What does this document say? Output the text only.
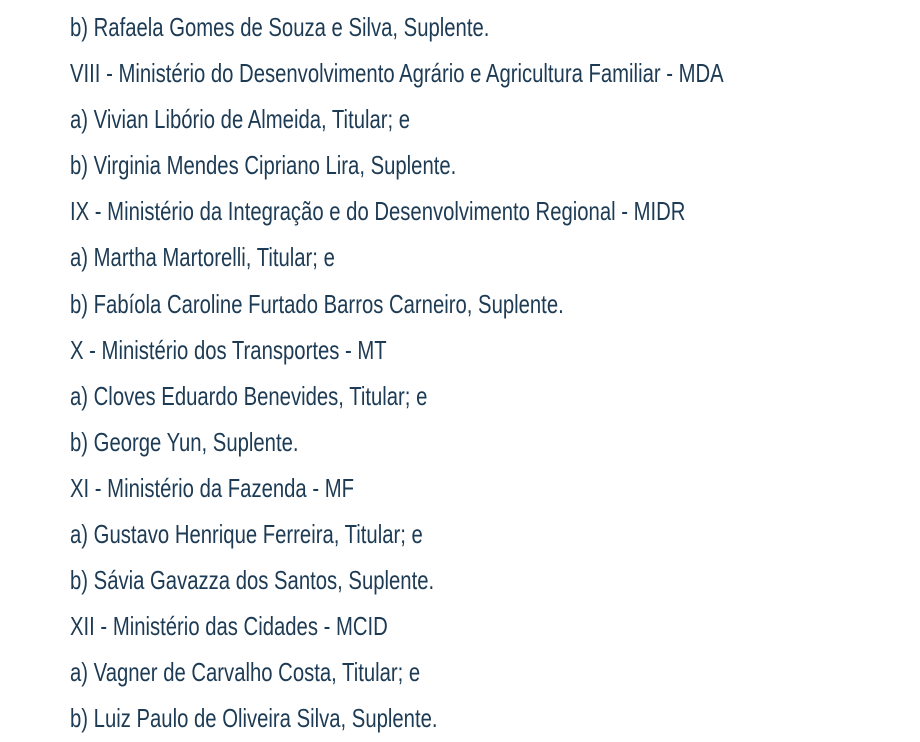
b) Rafaela Gomes de Souza e Silva, Suplente.

VIII - Ministério do Desenvolvimento Agrário e Agricultura Familiar - MDA

a) Vivian Libório de Almeida, Titular; e

b) Virginia Mendes Cipriano Lira, Suplente.

IX - Ministério da Integração e do Desenvolvimento Regional - MIDR

a) Martha Martorelli, Titular; e

b) Fabíola Caroline Furtado Barros Carneiro, Suplente.

X - Ministério dos Transportes - MT

a) Cloves Eduardo Benevides, Titular; e

b) George Yun, Suplente.

XI - Ministério da Fazenda - MF

a) Gustavo Henrique Ferreira, Titular; e

b) Sávia Gavazza dos Santos, Suplente.

XII - Ministério das Cidades - MCID

a) Vagner de Carvalho Costa, Titular; e

b) Luiz Paulo de Oliveira Silva, Suplente.
